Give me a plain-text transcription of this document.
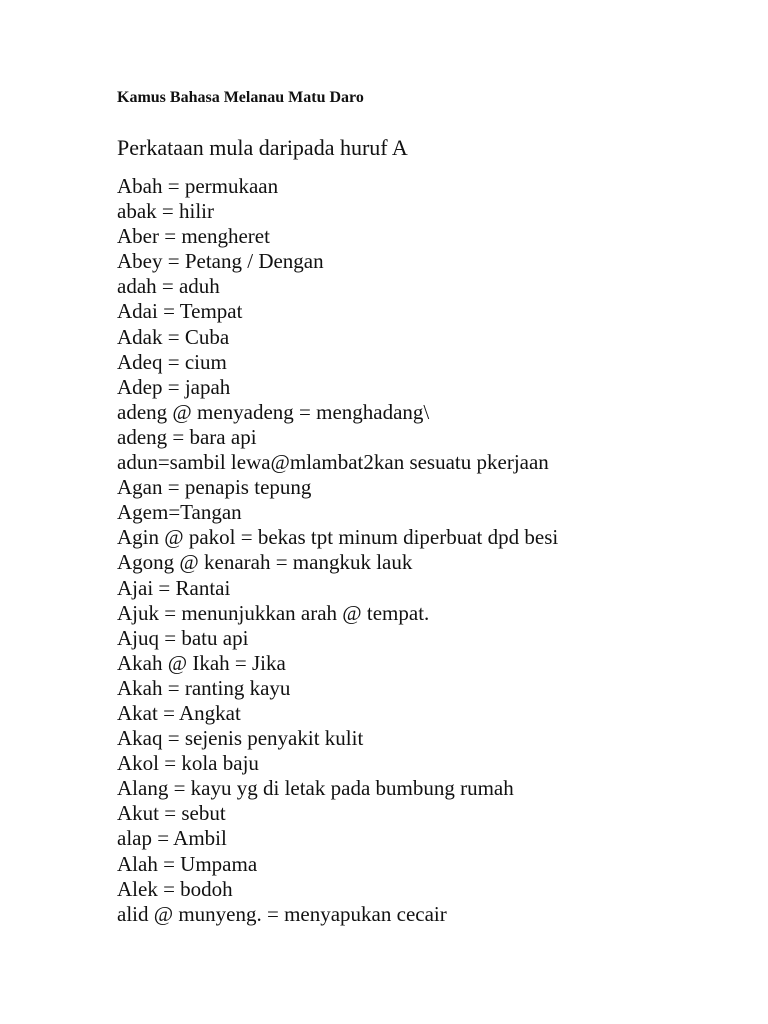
Kamus Bahasa Melanau Matu Daro
Perkataan mula daripada huruf A
Abah = permukaan
abak = hilir
Aber = mengheret
Abey = Petang / Dengan
adah = aduh
Adai = Tempat
Adak = Cuba
Adeq = cium
Adep = japah
adeng @ menyadeng = menghadang\
adeng = bara api
adun=sambil lewa@mlambat2kan sesuatu pkerjaan
Agan = penapis tepung
Agem=Tangan
Agin @ pakol = bekas tpt minum diperbuat dpd besi
Agong @ kenarah = mangkuk lauk
Ajai = Rantai
Ajuk = menunjukkan arah @ tempat.
Ajuq = batu api
Akah @ Ikah = Jika
Akah = ranting kayu
Akat = Angkat
Akaq = sejenis penyakit kulit
Akol = kola baju
Alang = kayu yg di letak pada bumbung rumah
Akut = sebut
alap = Ambil
Alah = Umpama
Alek = bodoh
alid @ munyeng. = menyapukan cecair
